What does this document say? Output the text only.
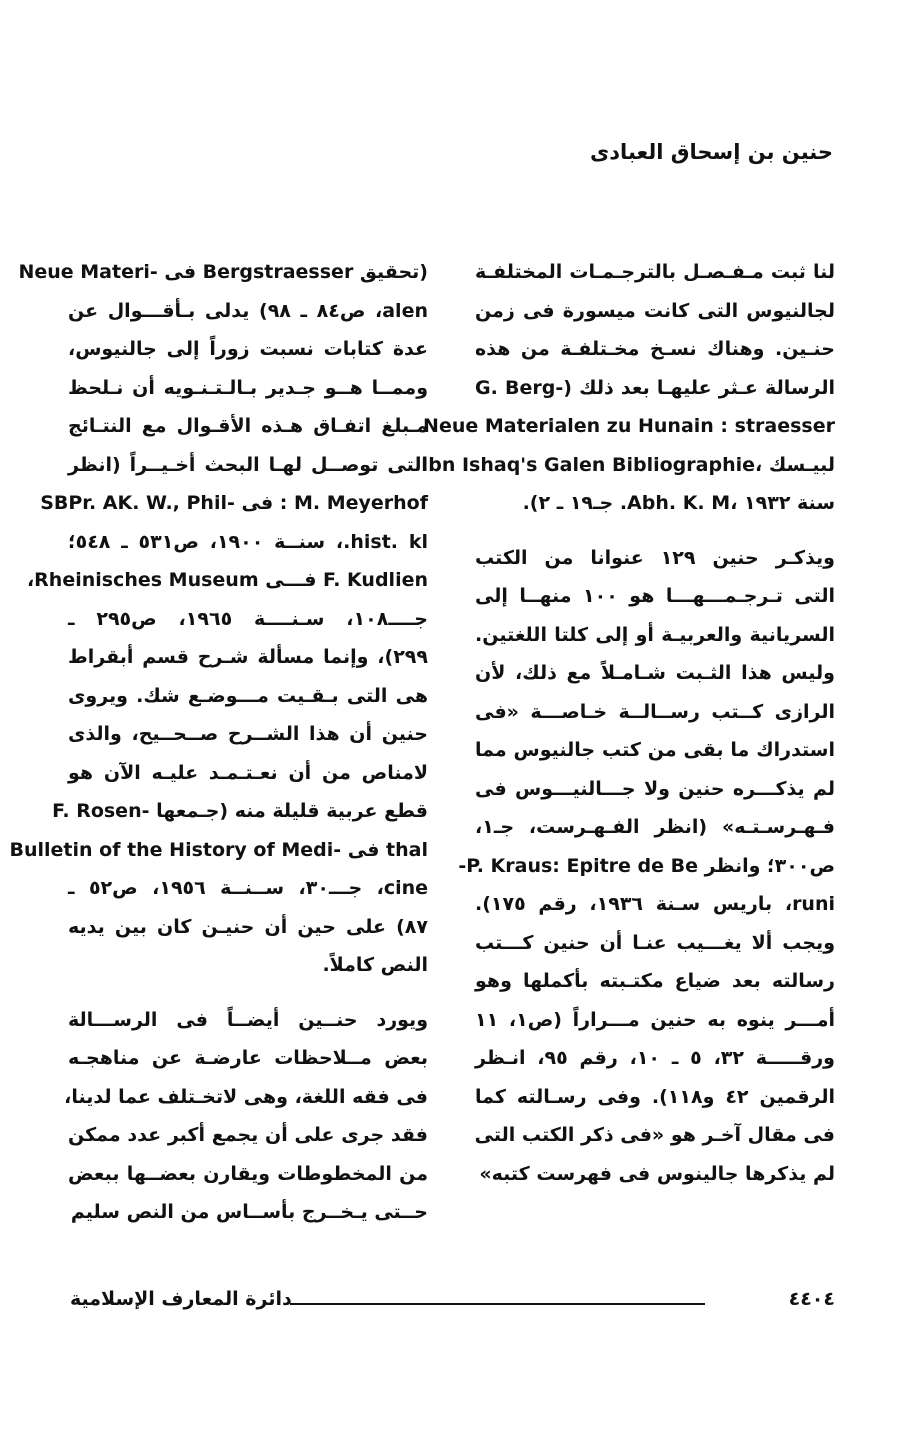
حنين بن إسحاق العبادى
لنا ثبت مـفـصـل بالترجـمـات المختلفـة
لجالنيوس التى كانت ميسورة فى زمن
حنـين. وهناك نسـخ مخـتلفـة من هذه
الرسالة عـثر عليهـا بعد ذلك (-G. Berg
Neue Materialen zu Hunain : straesser
لبيـسك ،Ibn Ishaq's Galen Bibliographie
سنة ١٩٣٢ ،Abh. K. M. جـ١٩ ـ ٢).
ويذكـر حنين ١٢٩ عنوانا من الكتب
التى تـرجـمـــهـــا هو ١٠٠ منهــا إلى
السريانية والعربيـة أو إلى كلتا اللغتين.
وليس هذا الثـبت شـامـلاً مع ذلك، لأن
الرازى كــتب رســالــة خـاصـــة «فى
استدراك ما بقى من كتب جالنيوس مما
لم يذكـــره حنين ولا جـــالنيـــوس فى
فـهـرسـتـه» (انظر الفـهـرست، جـ١،
ص٣٠٠؛ وانظر P. Kraus: Epitre de Be-
runi، باريس سـنة ١٩٣٦، رقم ١٧٥).
ويجب ألا يغـــيب عنـا أن حنين كـــتب
رسالته بعد ضياع مكتـبته بأكملها وهو
أمـــر ينوه به حنين مـــراراً (ص١، ١١
ورقـــــة ٣٢، ٥ ـ ١٠، رقم ٩٥، انـظر
الرقمين ٤٢ و١١٨). وفى رسـالته كما
فى مقال آخـر هو «فى ذكر الكتب التى
لم يذكرها جالينوس فى فهرست كتبه»
(تحقيق Bergstraesser فى -Neue Materi
alen، ص٨٤ ـ ٩٨) يدلى بـأقـــوال عن
عدة كتابات نسبت زوراً إلى جالنيوس،
وممــا هــو جـدير بـالـتـنـويه أن نـلحظ
مـبلغ اتفـاق هـذه الأقـوال مع النتـائج
التى توصــل لهـا البحث أخـيــراً (انظر
M. Meyerhof : فى -SBPr. AK. W., Phil
hist. kl.، سنــة ١٩٠٠، ص٥٣١ ـ ٥٤٨؛
F. Kudlien فـــى Rheinisches Museum،
جــــ١٠٨، سـنــــة ١٩٦٥، ص٢٩٥ ـ
٢٩٩)، وإنما مسألة شـرح قسم أبقراط
هى التى بـقـيت مـــوضـع شك. ويروى
حنين أن هذا الشــرح صــحــيح، والذى
لامناص من أن نعـتـمـد عليـه الآن هو
قطع عربية قليلة منه (جـمعها -F. Rosen
thal فى -Bulletin of the History of Medi
cine، جـــ٣٠، ســنــة ١٩٥٦، ص٥٢ ـ
٨٧) على حين أن حنيـن كان بين يديه
النص كاملاً.
ويورد حنــين أيضــاً فى الرســـالة
بعض مــلاحظات عارضـة عن مناهجـه
فى فقه اللغة، وهى لاتخـتلف عما لدينا،
فقد جرى على أن يجمع أكبر عدد ممكن
من المخطوطات ويقارن بعضــها ببعض
حــتى يـخــرج بأســاس من النص سليم
دائرة المعارف الإسلامية	٤٤٠٤
